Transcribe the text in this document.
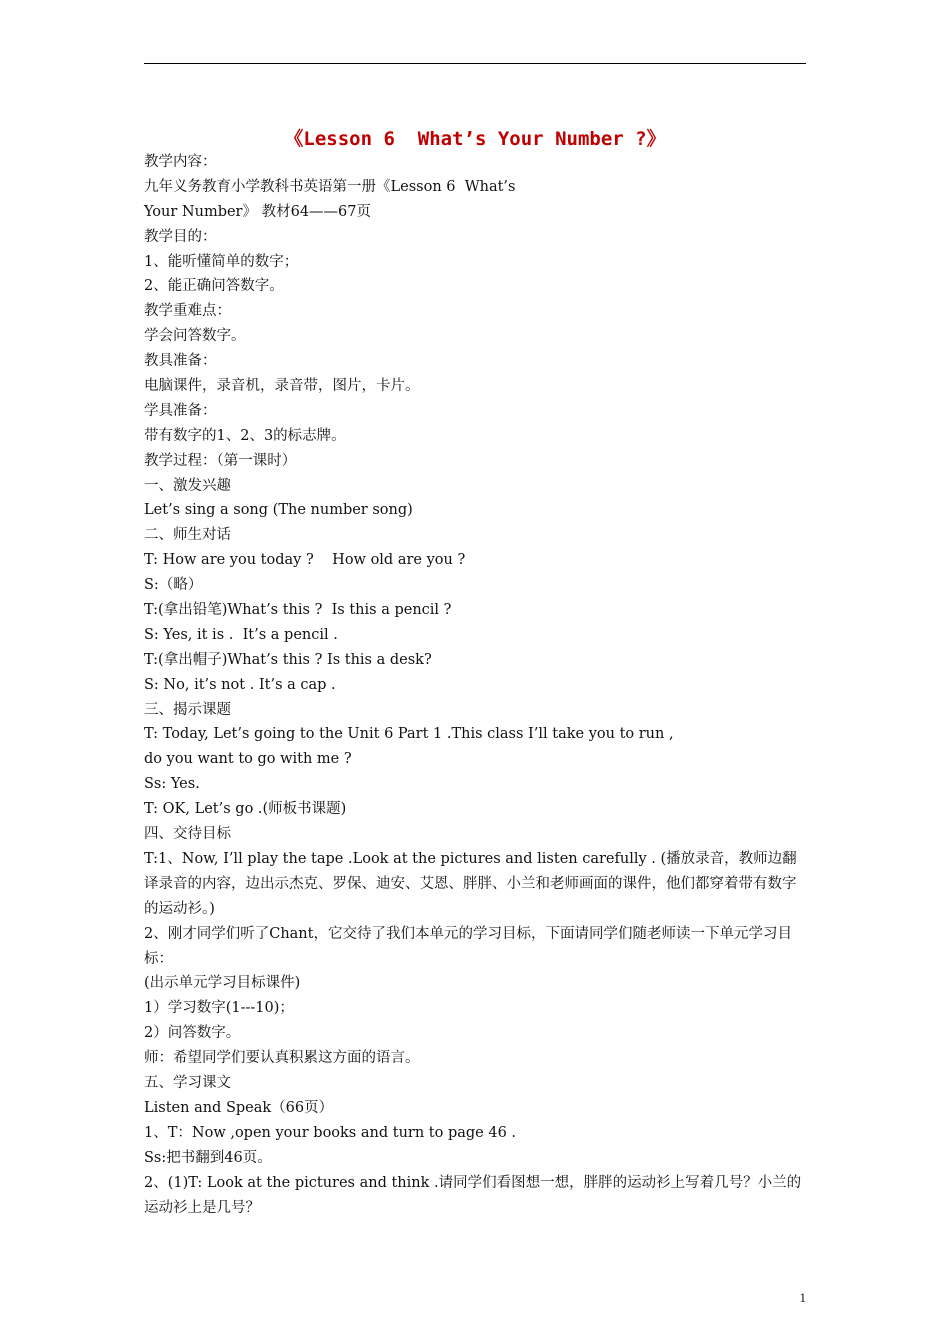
《Lesson 6  What’s Your Number ?》
教学内容：
九年义务教育小学教科书英语第一册《Lesson 6  What’s
Your Number》 教材64——67页
教学目的：
1、能听懂简单的数字；
2、能正确问答数字。
教学重难点：
学会问答数字。
教具准备：
电脑课件，录音机，录音带，图片，卡片。
学具准备：
带有数字的1、2、3的标志牌。
教学过程：（第一课时）
一、激发兴趣
Let’s sing a song (The number song)
二、师生对话
T: How are you today ?    How old are you ?
S:（略）
T:(拿出铅笔)What’s this ?  Is this a pencil ?
S: Yes, it is .  It’s a pencil .
T:(拿出帽子)What’s this ? Is this a desk?
S: No, it’s not . It’s a cap .
三、揭示课题
T: Today, Let’s going to the Unit 6 Part 1 .This class I’ll take you to run ,
do you want to go with me ?
Ss: Yes.
T: OK, Let’s go .(师板书课题)
四、交待目标
T:1、Now, I’ll play the tape .Look at the pictures and listen carefully . (播放录音，教师边翻译录音的内容，边出示杰克、罗保、迪安、艾恩、胖胖、小兰和老师画面的课件，他们都穿着带有数字的运动衫。)
2、刚才同学们听了Chant，它交待了我们本单元的学习目标，下面请同学们随老师读一下单元学习目标：
(出示单元学习目标课件)
1）学习数字(1---10)；
2）问答数字。
师：希望同学们要认真积累这方面的语言。
五、学习课文
Listen and Speak（66页）
1、T：Now ,open your books and turn to page 46 .
Ss:把书翻到46页。
2、(1)T: Look at the pictures and think .请同学们看图想一想，胖胖的运动衫上写着几号？小兰的运动衫上是几号？
1
